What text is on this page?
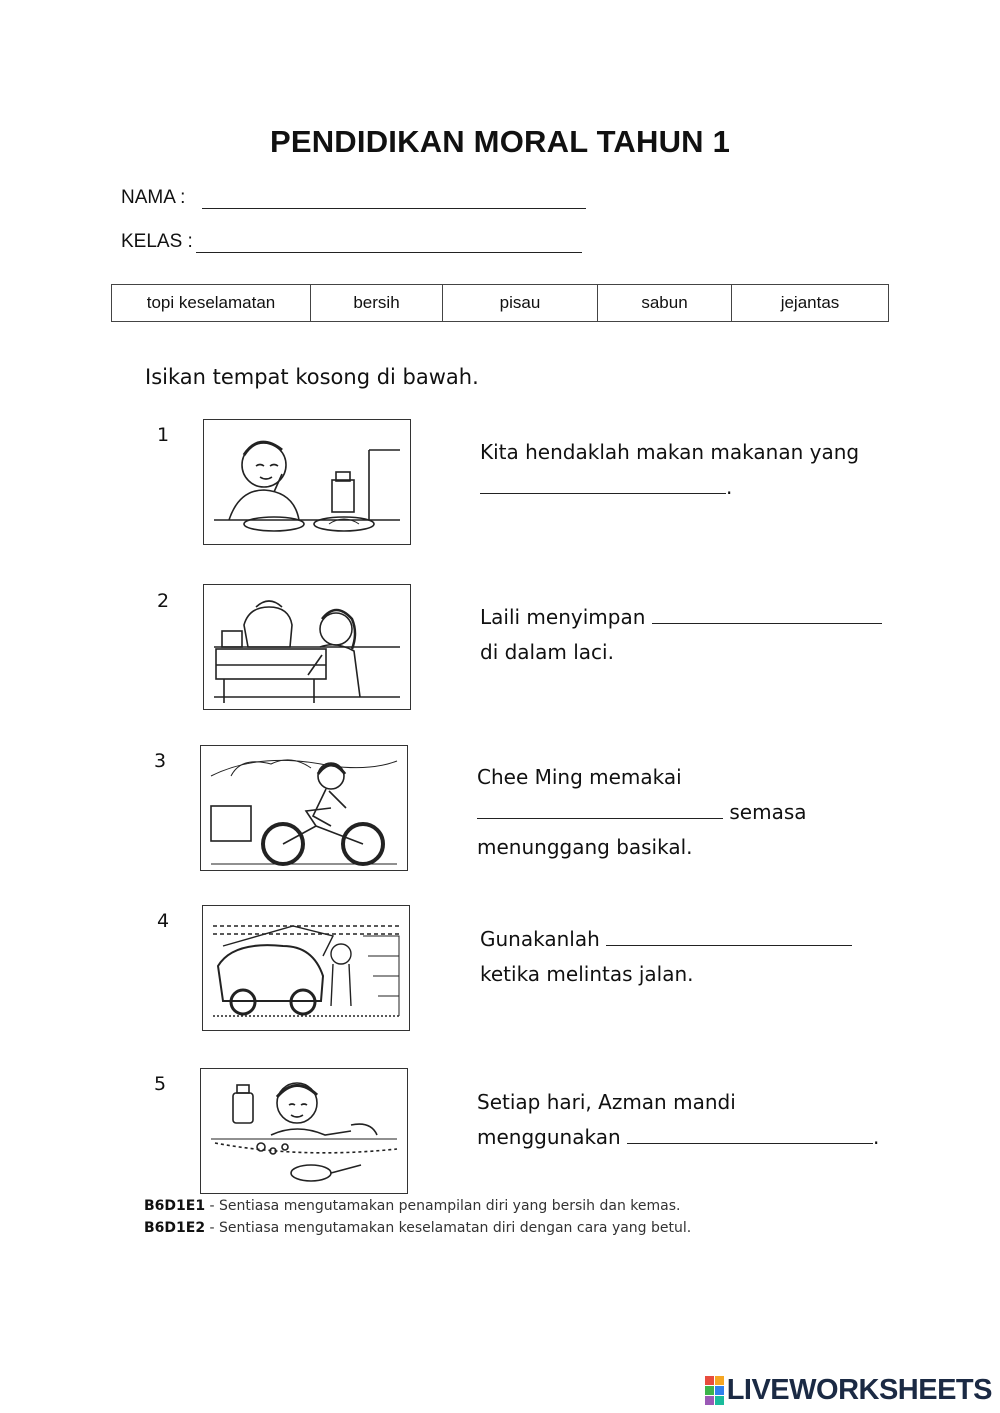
PENDIDIKAN MORAL TAHUN 1
NAMA :
KELAS :
topi keselamatan	bersih	pisau	sabun	jejantas
Isikan tempat kosong di bawah.
1
Kita hendaklah makan makanan yang
.
2
Laili menyimpan
di dalam laci.
3
Chee Ming memakai
semasa
menunggang basikal.
4
Gunakanlah
ketika melintas jalan.
5
Setiap hari, Azman mandi
menggunakan	.
B6D1E1 - Sentiasa mengutamakan penampilan diri yang bersih dan kemas.
B6D1E2 - Sentiasa mengutamakan keselamatan diri dengan cara yang betul.
LIVEWORKSHEETS
